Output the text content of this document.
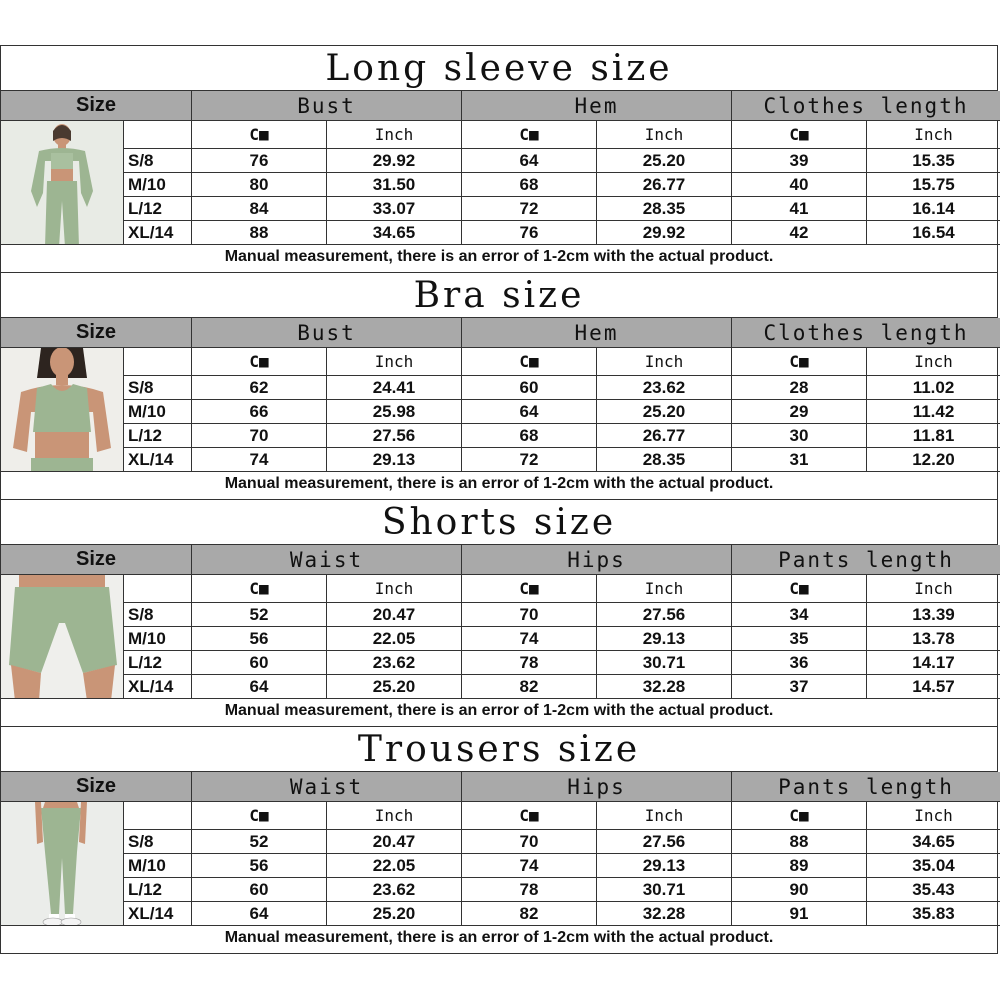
Long sleeve size
Size	Bust	Hem	Clothes length
C■	Inch	C■	Inch	C■	Inch
S/8	76	29.92	64	25.20	39	15.35
M/10	80	31.50	68	26.77	40	15.75
L/12	84	33.07	72	28.35	41	16.14
XL/14	88	34.65	76	29.92	42	16.54
Manual measurement, there is an error of 1-2cm with the actual product.
Bra size
Size	Bust	Hem	Clothes length
C■	Inch	C■	Inch	C■	Inch
S/8	62	24.41	60	23.62	28	11.02
M/10	66	25.98	64	25.20	29	11.42
L/12	70	27.56	68	26.77	30	11.81
XL/14	74	29.13	72	28.35	31	12.20
Manual measurement, there is an error of 1-2cm with the actual product.
Shorts size
Size	Waist	Hips	Pants length
C■	Inch	C■	Inch	C■	Inch
S/8	52	20.47	70	27.56	34	13.39
M/10	56	22.05	74	29.13	35	13.78
L/12	60	23.62	78	30.71	36	14.17
XL/14	64	25.20	82	32.28	37	14.57
Manual measurement, there is an error of 1-2cm with the actual product.
Trousers size
Size	Waist	Hips	Pants length
C■	Inch	C■	Inch	C■	Inch
S/8	52	20.47	70	27.56	88	34.65
M/10	56	22.05	74	29.13	89	35.04
L/12	60	23.62	78	30.71	90	35.43
XL/14	64	25.20	82	32.28	91	35.83
Manual measurement, there is an error of 1-2cm with the actual product.
